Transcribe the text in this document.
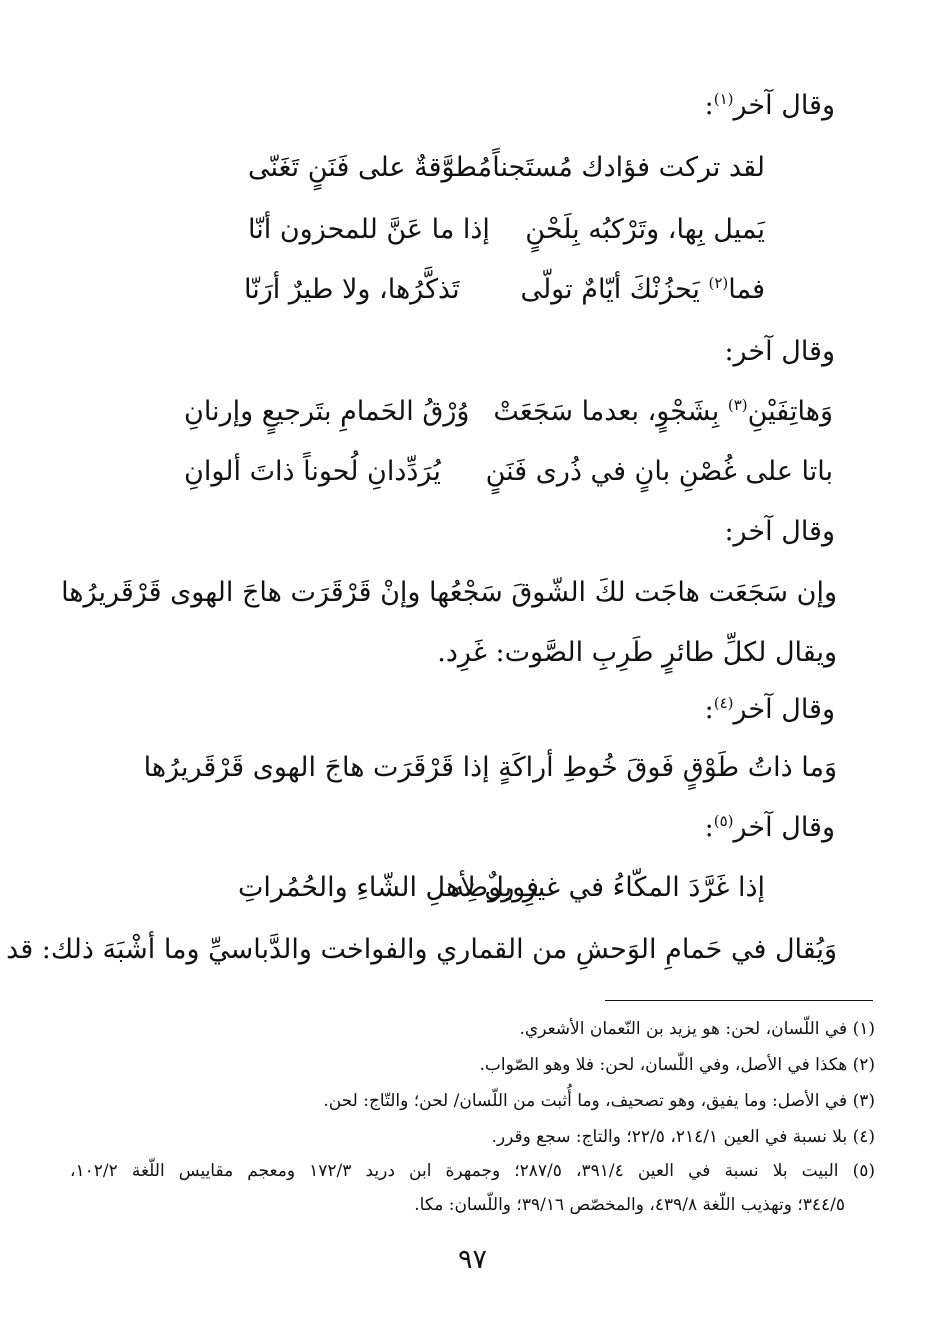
وقال آخر$^{(١)}$:
لقد تركت فؤادك مُستَجناً
مُطوَّقةٌ على فَنَنٍ تَغَنّى
يَميل بِها، وتَرْكبُه بِلَحْنٍ
إذا ما عَنَّ للمحزون أنّا
فما$^{(٢)}$ يَحزُنْكَ أيّامٌ تولّى
تَذكَّرُها، ولا طيرٌ أرَنّا
وقال آخر:
وَهاتِفَيْنِ$^{(٣)}$ بِشَجْوٍ، بعدما سَجَعَتْ
وُرْقُ الحَمامِ بتَرجيعٍ وإرنانِ
باتا على غُصْنِ بانٍ في ذُرى فَنَنٍ
يُرَدِّدانِ لُحوناً ذاتَ ألوانِ
وقال آخر:
وإن سَجَعَت هاجَت لكَ الشّوقَ سَجْعُها وإنْ قَرْقَرَت هاجَ الهوى قَرْقَريرُها
ويقال لكلِّ طائرٍ طَرِبِ الصَّوت: غَرِد.
وقال آخر$^{(٤)}$:
وَما ذاتُ طَوْقٍ فَوقَ خُوطِ أراكَةٍ إذا قَرْقَرَت هاجَ الهوى قَرْقَريرُها
وقال آخر$^{(٥)}$:
إذا غَرَّدَ المكّاءُ في غيرِ روضِه
فويلٌ لأهلِ الشّاءِ والحُمُراتِ
وَيُقال في حَمامِ الوَحشِ من القماري والفواخت والدَّباسيِّ وما أشْبَهَ ذلك: قد
(١) في اللّسان، لحن: هو يزيد بن النّعمان الأشعري.
(٢) هكذا في الأصل، وفي اللّسان، لحن: فلا وهو الصّواب.
(٣) في الأصل: وما يفيق، وهو تصحيف، وما أُثبت من اللّسان/ لحن؛ والتّاج: لحن.
(٤) بلا نسبة في العين ٢١٤/١، ٢٢/٥؛ والتاج: سجع وقرر.
(٥) البيت بلا نسبة في العين ٣٩١/٤، ٢٨٧/٥؛ وجمهرة ابن دريد ١٧٢/٣ ومعجم مقاييس اللّغة ١٠٢/٢،
٣٤٤/٥؛ وتهذيب اللّغة ٤٣٩/٨، والمخصّص ٣٩/١٦؛ واللّسان: مكا.
٩٧
